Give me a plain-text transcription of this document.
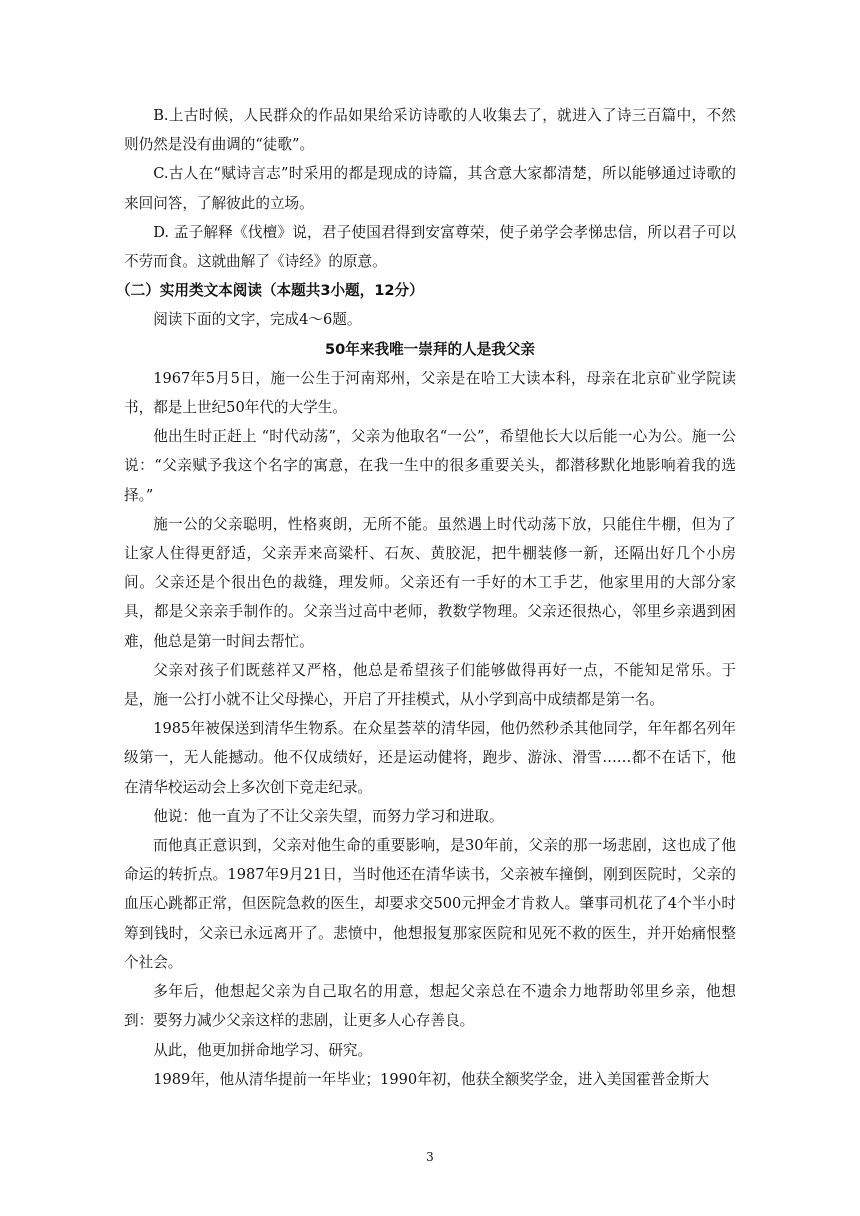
B.上古时候，人民群众的作品如果给采访诗歌的人收集去了，就进入了诗三百篇中，不然则仍然是没有曲调的“徒歌”。

C.古人在“赋诗言志”时采用的都是现成的诗篇，其含意大家都清楚，所以能够通过诗歌的来回问答，了解彼此的立场。

D. 孟子解释《伐檀》说，君子使国君得到安富尊荣，使子弟学会孝悌忠信，所以君子可以不劳而食。这就曲解了《诗经》的原意。

（二）实用类文本阅读（本题共3小题，12分）

阅读下面的文字，完成4～6题。

50年来我唯一崇拜的人是我父亲

1967年5月5日，施一公生于河南郑州，父亲是在哈工大读本科，母亲在北京矿业学院读书，都是上世纪50年代的大学生。

他出生时正赶上 “时代动荡”，父亲为他取名“一公”，希望他长大以后能一心为公。施一公说：“父亲赋予我这个名字的寓意，在我一生中的很多重要关头，都潜移默化地影响着我的选择。”

施一公的父亲聪明，性格爽朗，无所不能。虽然遇上时代动荡下放，只能住牛棚，但为了让家人住得更舒适，父亲弄来高粱杆、石灰、黄胶泥，把牛棚装修一新，还隔出好几个小房间。父亲还是个很出色的裁缝，理发师。父亲还有一手好的木工手艺，他家里用的大部分家具，都是父亲亲手制作的。父亲当过高中老师，教数学物理。父亲还很热心，邻里乡亲遇到困难，他总是第一时间去帮忙。

父亲对孩子们既慈祥又严格，他总是希望孩子们能够做得再好一点，不能知足常乐。于是，施一公打小就不让父母操心，开启了开挂模式，从小学到高中成绩都是第一名。

1985年被保送到清华生物系。在众星荟萃的清华园，他仍然秒杀其他同学，年年都名列年级第一，无人能撼动。他不仅成绩好，还是运动健将，跑步、游泳、滑雪……都不在话下，他在清华校运动会上多次创下竞走纪录。

他说：他一直为了不让父亲失望，而努力学习和进取。

而他真正意识到，父亲对他生命的重要影响，是30年前，父亲的那一场悲剧，这也成了他命运的转折点。1987年9月21日，当时他还在清华读书，父亲被车撞倒，刚到医院时，父亲的血压心跳都正常，但医院急救的医生，却要求交500元押金才肯救人。肇事司机花了4个半小时筹到钱时，父亲已永远离开了。悲愤中，他想报复那家医院和见死不救的医生，并开始痛恨整个社会。

多年后，他想起父亲为自己取名的用意，想起父亲总在不遗余力地帮助邻里乡亲，他想到：要努力减少父亲这样的悲剧，让更多人心存善良。

从此，他更加拼命地学习、研究。

1989年，他从清华提前一年毕业；1990年初，他获全额奖学金，进入美国霍普金斯大

3
